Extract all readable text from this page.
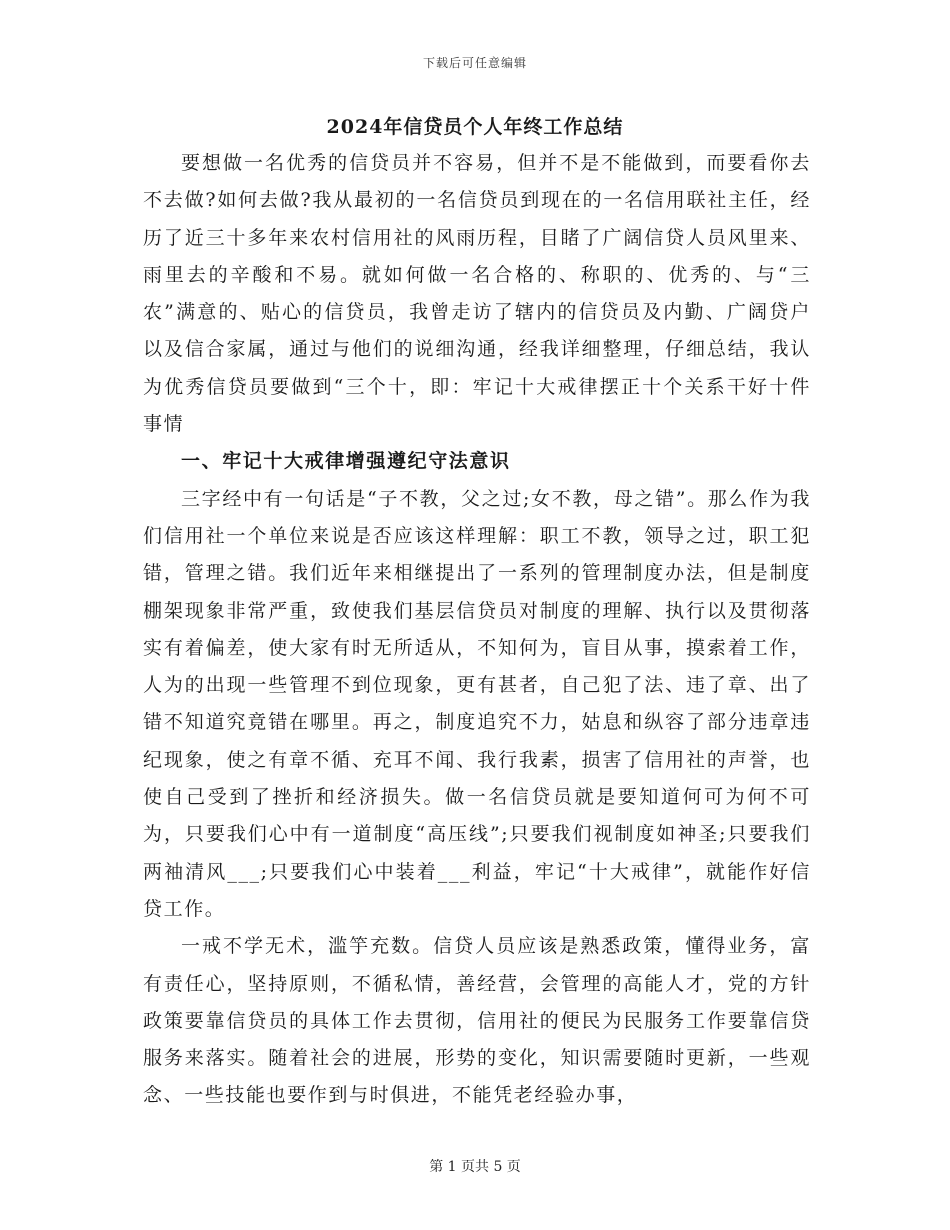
下载后可任意编辑
2024年信贷员个人年终工作总结

要想做一名优秀的信贷员并不容易，但并不是不能做到，而要看你去不去做?如何去做?我从最初的一名信贷员到现在的一名信用联社主任，经历了近三十多年来农村信用社的风雨历程，目睹了广阔信贷人员风里来、雨里去的辛酸和不易。就如何做一名合格的、称职的、优秀的、与“三农”满意的、贴心的信贷员，我曾走访了辖内的信贷员及内勤、广阔贷户以及信合家属，通过与他们的说细沟通，经我详细整理，仔细总结，我认为优秀信贷员要做到“三个十，即：牢记十大戒律摆正十个关系干好十件事情

一、牢记十大戒律增强遵纪守法意识

三字经中有一句话是“子不教，父之过;女不教，母之错”。那么作为我们信用社一个单位来说是否应该这样理解：职工不教，领导之过，职工犯错，管理之错。我们近年来相继提出了一系列的管理制度办法，但是制度棚架现象非常严重，致使我们基层信贷员对制度的理解、执行以及贯彻落实有着偏差，使大家有时无所适从，不知何为，盲目从事，摸索着工作，人为的出现一些管理不到位现象，更有甚者，自己犯了法、违了章、出了错不知道究竟错在哪里。再之，制度追究不力，姑息和纵容了部分违章违纪现象，使之有章不循、充耳不闻、我行我素，损害了信用社的声誉，也使自己受到了挫折和经济损失。做一名信贷员就是要知道何可为何不可为，只要我们心中有一道制度“高压线”;只要我们视制度如神圣;只要我们两袖清风___;只要我们心中装着___利益，牢记“十大戒律”，就能作好信贷工作。

一戒不学无术，滥竽充数。信贷人员应该是熟悉政策，懂得业务，富有责任心，坚持原则，不循私情，善经营，会管理的高能人才，党的方针政策要靠信贷员的具体工作去贯彻，信用社的便民为民服务工作要靠信贷服务来落实。随着社会的进展，形势的变化，知识需要随时更新，一些观念、一些技能也要作到与时俱进，不能凭老经验办事，

第 1 页共 5 页
